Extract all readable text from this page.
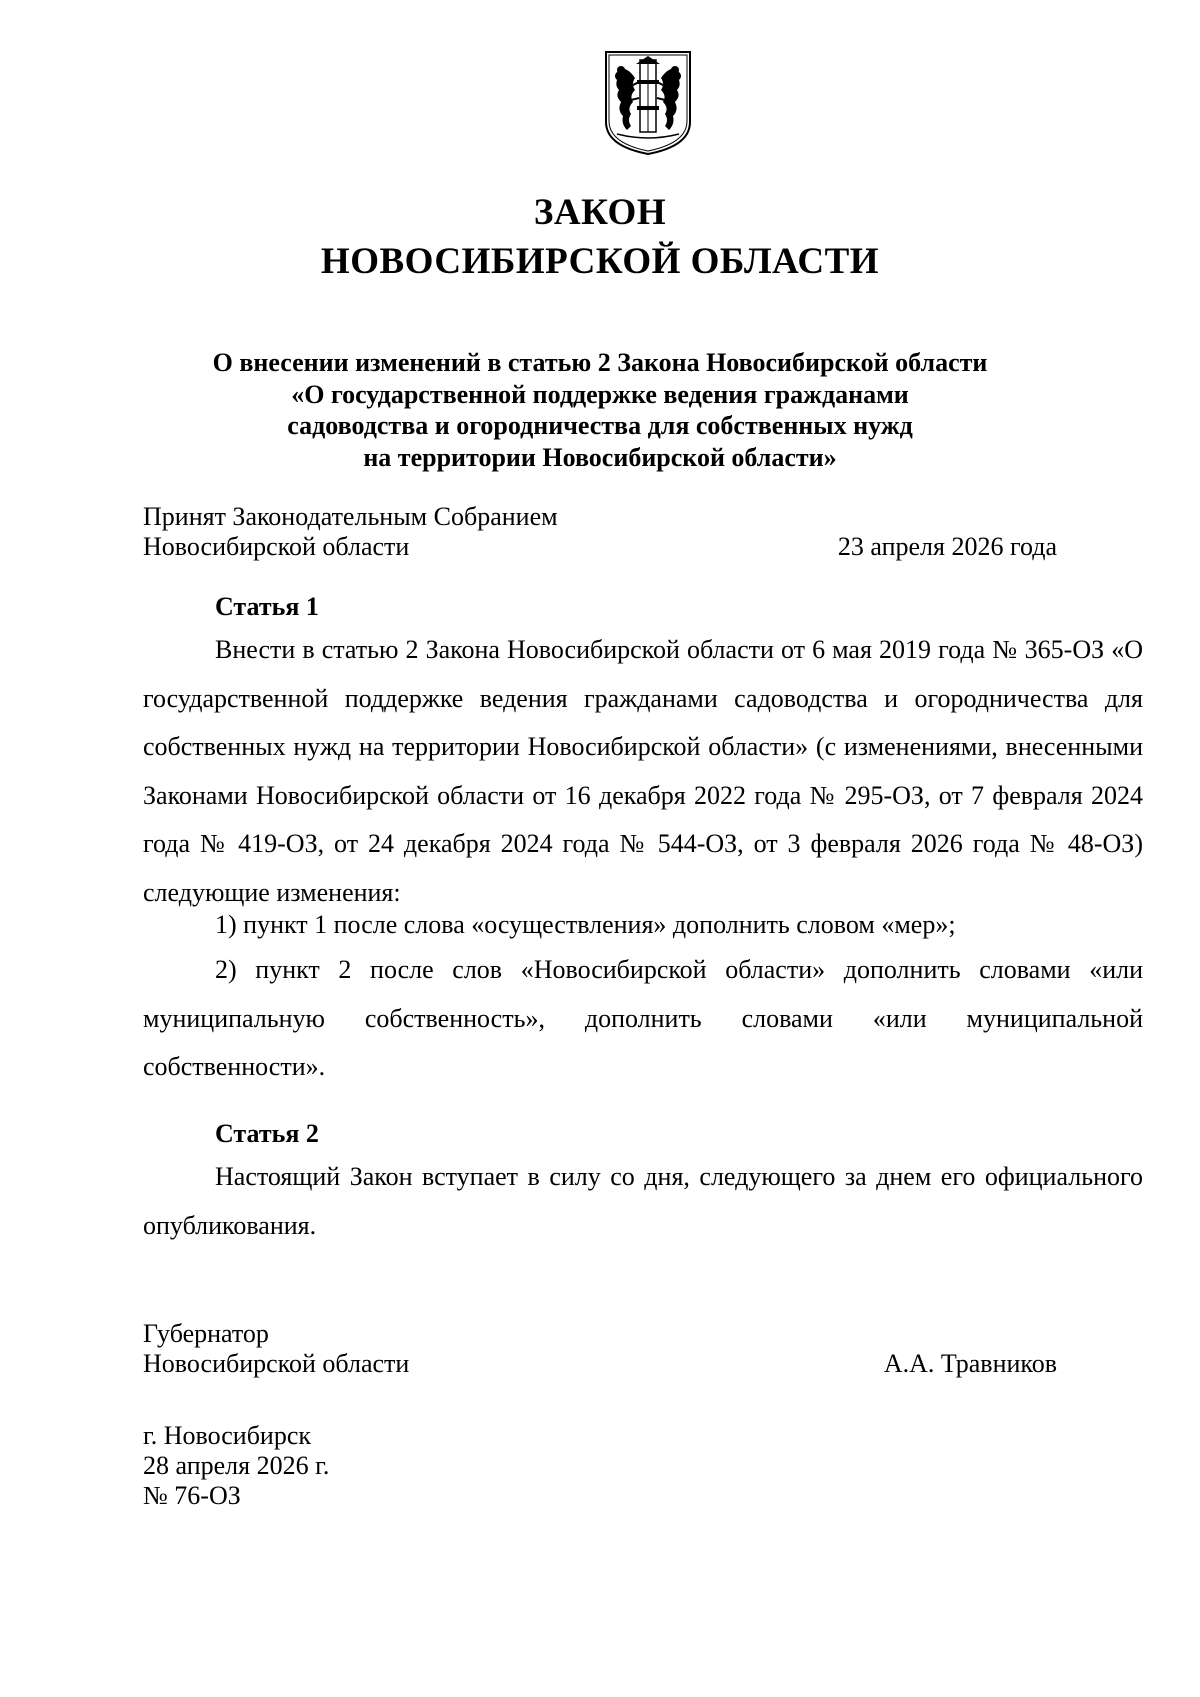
ЗАКОН
НОВОСИБИРСКОЙ ОБЛАСТИ
О внесении изменений в статью 2 Закона Новосибирской области
«О государственной поддержке ведения гражданами
садоводства и огородничества для собственных нужд
на территории Новосибирской области»
Принят Законодательным Собранием
Новосибирской области	23 апреля 2026 года
Статья 1

Внести в статью 2 Закона Новосибирской области от 6 мая 2019 года № 365-ОЗ «О государственной поддержке ведения гражданами садоводства и огородничества для собственных нужд на территории Новосибирской области» (с изменениями, внесенными Законами Новосибирской области от 16 декабря 2022 года № 295-ОЗ, от 7 февраля 2024 года № 419-ОЗ, от 24 декабря 2024 года № 544-ОЗ, от 3 февраля 2026 года № 48-ОЗ) следующие изменения:

1) пункт 1 после слова «осуществления» дополнить словом «мер»;

2) пункт 2 после слов «Новосибирской области» дополнить словами «или муниципальную собственность», дополнить словами «или муниципальной собственности».

Статья 2

Настоящий Закон вступает в силу со дня, следующего за днем его официального опубликования.

Губернатор
Новосибирской области	А.А. Травников
г. Новосибирск
28 апреля 2026 г.
№ 76-ОЗ
